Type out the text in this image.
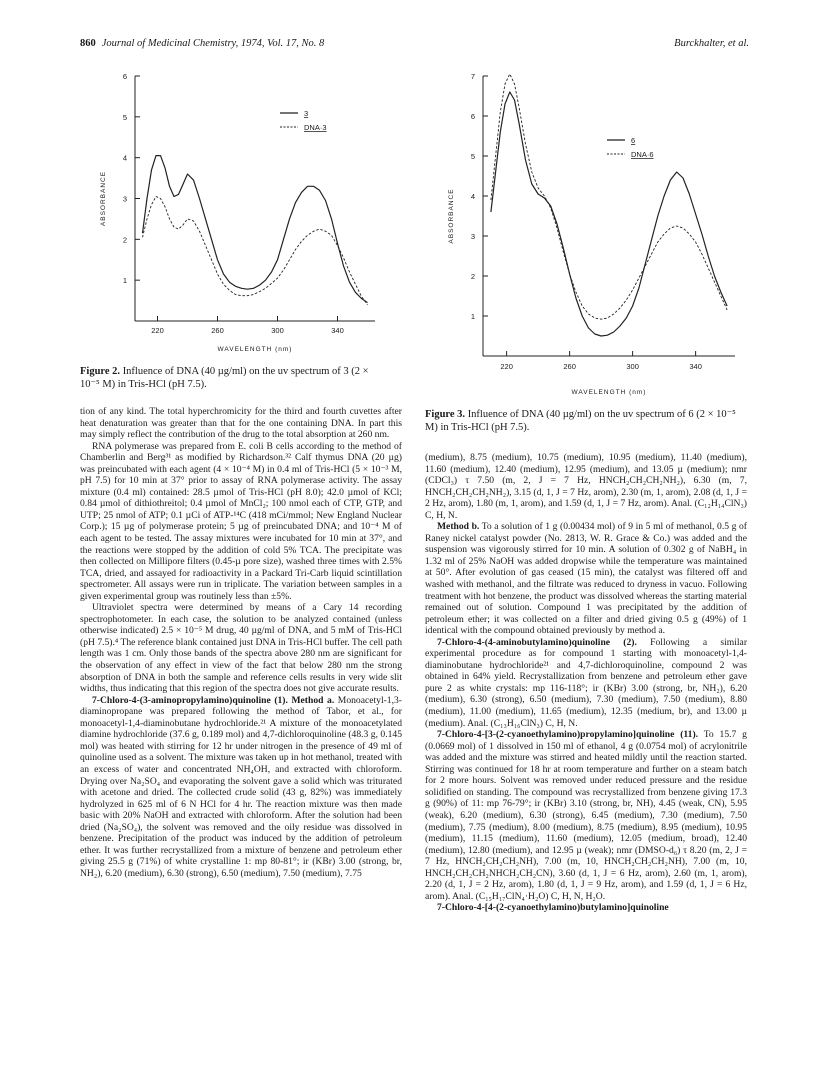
860 Journal of Medicinal Chemistry, 1974, Vol. 17, No. 8	Burckhalter, et al.
1
2
3
4
5
6
220	260	300	340
WAVELENGTH (nm)
ABSORBANCE
3
DNA·3
Figure 2. Influence of DNA (40 µg/ml) on the uv spectrum of 3 (2 × 10⁻⁵ M) in Tris-HCl (pH 7.5).
1
2
3
4
5
6
7
220	260	300	340
WAVELENGTH (nm)
ABSORBANCE
6
DNA·6
Figure 3. Influence of DNA (40 µg/ml) on the uv spectrum of 6 (2 × 10⁻⁵ M) in Tris-HCl (pH 7.5).

tion of any kind. The total hyperchromicity for the third and fourth cuvettes after heat denaturation was greater than that for the one containing DNA. In part this may simply reflect the contribution of the drug to the total absorption at 260 nm.

RNA polymerase was prepared from E. coli B cells according to the method of Chamberlin and Berg³¹ as modified by Richardson.³² Calf thymus DNA (20 µg) was preincubated with each agent (4 × 10⁻⁴ M) in 0.4 ml of Tris-HCl (5 × 10⁻³ M, pH 7.5) for 10 min at 37° prior to assay of RNA polymerase activity. The assay mixture (0.4 ml) contained: 28.5 µmol of Tris-HCl (pH 8.0); 42.0 µmol of KCl; 0.84 µmol of dithiothreitol; 0.4 µmol of MnCl₂; 100 nmol each of CTP, GTP, and UTP; 25 nmol of ATP; 0.1 µCi of ATP-¹⁴C (418 mCi/mmol; New England Nuclear Corp.); 15 µg of polymerase protein; 5 µg of preincubated DNA; and 10⁻⁴ M of each agent to be tested. The assay mixtures were incubated for 10 min at 37°, and the reactions were stopped by the addition of cold 5% TCA. The precipitate was then collected on Millipore filters (0.45-µ pore size), washed three times with 2.5% TCA, dried, and assayed for radioactivity in a Packard Tri-Carb liquid scintillation spectrometer. All assays were run in triplicate. The variation between samples in a given experimental group was routinely less than ±5%.

Ultraviolet spectra were determined by means of a Cary 14 recording spectrophotometer. In each case, the solution to be analyzed contained (unless otherwise indicated) 2.5 × 10⁻⁵ M drug, 40 µg/ml of DNA, and 5 mM of Tris-HCl (pH 7.5).⁴ The reference blank contained just DNA in Tris-HCl buffer. The cell path length was 1 cm. Only those bands of the spectra above 280 nm are significant for the observation of any effect in view of the fact that below 280 nm the strong absorption of DNA in both the sample and reference cells results in very wide slit widths, thus indicating that this region of the spectra does not give accurate results.

7-Chloro-4-(3-aminopropylamino)quinoline (1). Method a. Monoacetyl-1,3-diaminopropane was prepared following the method of Tabor, et al., for monoacetyl-1,4-diaminobutane hydrochloride.²¹ A mixture of the monoacetylated diamine hydrochloride (37.6 g, 0.189 mol) and 4,7-dichloroquinoline (48.3 g, 0.145 mol) was heated with stirring for 12 hr under nitrogen in the presence of 49 ml of quinoline used as a solvent. The mixture was taken up in hot methanol, treated with an excess of water and concentrated NH₄OH, and extracted with chloroform. Drying over Na₂SO₄ and evaporating the solvent gave a solid which was triturated with acetone and dried. The collected crude solid (43 g, 82%) was immediately hydrolyzed in 625 ml of 6 N HCl for 4 hr. The reaction mixture was then made basic with 20% NaOH and extracted with chloroform. After the solution had been dried (Na₂SO₄), the solvent was removed and the oily residue was dissolved in benzene. Precipitation of the product was induced by the addition of petroleum ether. It was further recrystallized from a mixture of benzene and petroleum ether giving 25.5 g (71%) of white crystalline 1: mp 80-81°; ir (KBr) 3.00 (strong, br, NH₂), 6.20 (medium), 6.30 (strong), 6.50 (medium), 7.50 (medium), 7.75

(medium), 8.75 (medium), 10.75 (medium), 10.95 (medium), 11.40 (medium), 11.60 (medium), 12.40 (medium), 12.95 (medium), and 13.05 µ (medium); nmr (CDCl₃) τ 7.50 (m, 2, J = 7 Hz, HNCH₂CH₂CH₂NH₂), 6.30 (m, 7, HNCH₂CH₂CH₂NH₂), 3.15 (d, 1, J = 7 Hz, arom), 2.30 (m, 1, arom), 2.08 (d, 1, J = 2 Hz, arom), 1.80 (m, 1, arom), and 1.59 (d, 1, J = 7 Hz, arom). Anal. (C₁₂H₁₄ClN₃) C, H, N.

Method b. To a solution of 1 g (0.00434 mol) of 9 in 5 ml of methanol, 0.5 g of Raney nickel catalyst powder (No. 2813, W. R. Grace & Co.) was added and the suspension was vigorously stirred for 10 min. A solution of 0.302 g of NaBH₄ in 1.32 ml of 25% NaOH was added dropwise while the temperature was maintained at 50°. After evolution of gas ceased (15 min), the catalyst was filtered off and washed with methanol, and the filtrate was reduced to dryness in vacuo. Following treatment with hot benzene, the product was dissolved whereas the starting material remained out of solution. Compound 1 was precipitated by the addition of petroleum ether; it was collected on a filter and dried giving 0.5 g (49%) of 1 identical with the compound obtained previously by method a.

7-Chloro-4-(4-aminobutylamino)quinoline (2). Following a similar experimental procedure as for compound 1 starting with monoacetyl-1,4-diaminobutane hydrochloride²¹ and 4,7-dichloroquinoline, compound 2 was obtained in 64% yield. Recrystallization from benzene and petroleum ether gave pure 2 as white crystals: mp 116-118°; ir (KBr) 3.00 (strong, br, NH₂), 6.20 (medium), 6.30 (strong), 6.50 (medium), 7.30 (medium), 7.50 (medium), 8.80 (medium), 11.00 (medium), 11.65 (medium), 12.35 (medium, br), and 13.00 µ (medium). Anal. (C₁₃H₁₆ClN₃) C, H, N.

7-Chloro-4-[3-(2-cyanoethylamino)propylamino]quinoline (11). To 15.7 g (0.0669 mol) of 1 dissolved in 150 ml of ethanol, 4 g (0.0754 mol) of acrylonitrile was added and the mixture was stirred and heated mildly until the reaction started. Stirring was continued for 18 hr at room temperature and further on a steam batch for 2 more hours. Solvent was removed under reduced pressure and the residue solidified on standing. The compound was recrystallized from benzene giving 17.3 g (90%) of 11: mp 76-79°; ir (KBr) 3.10 (strong, br, NH), 4.45 (weak, CN), 5.95 (weak), 6.20 (medium), 6.30 (strong), 6.45 (medium), 7.30 (medium), 7.50 (medium), 7.75 (medium), 8.00 (medium), 8.75 (medium), 8.95 (medium), 10.95 (medium), 11.15 (medium), 11.60 (medium), 12.05 (medium, broad), 12.40 (medium), 12.80 (medium), and 12.95 µ (weak); nmr (DMSO-d₆) τ 8.20 (m, 2, J = 7 Hz, HNCH₂CH₂CH₂NH), 7.00 (m, 10, HNCH₂CH₂CH₂NH), 7.00 (m, 10, HNCH₂CH₂CH₂NHCH₂CH₂CN), 3.60 (d, 1, J = 6 Hz, arom), 2.60 (m, 1, arom), 2.20 (d, 1, J = 2 Hz, arom), 1.80 (d, 1, J = 9 Hz, arom), and 1.59 (d, 1, J = 6 Hz, arom). Anal. (C₁₅H₁₇ClN₄·H₂O) C, H, N, H₂O.

7-Chloro-4-[4-(2-cyanoethylamino)butylamino]quinoline
